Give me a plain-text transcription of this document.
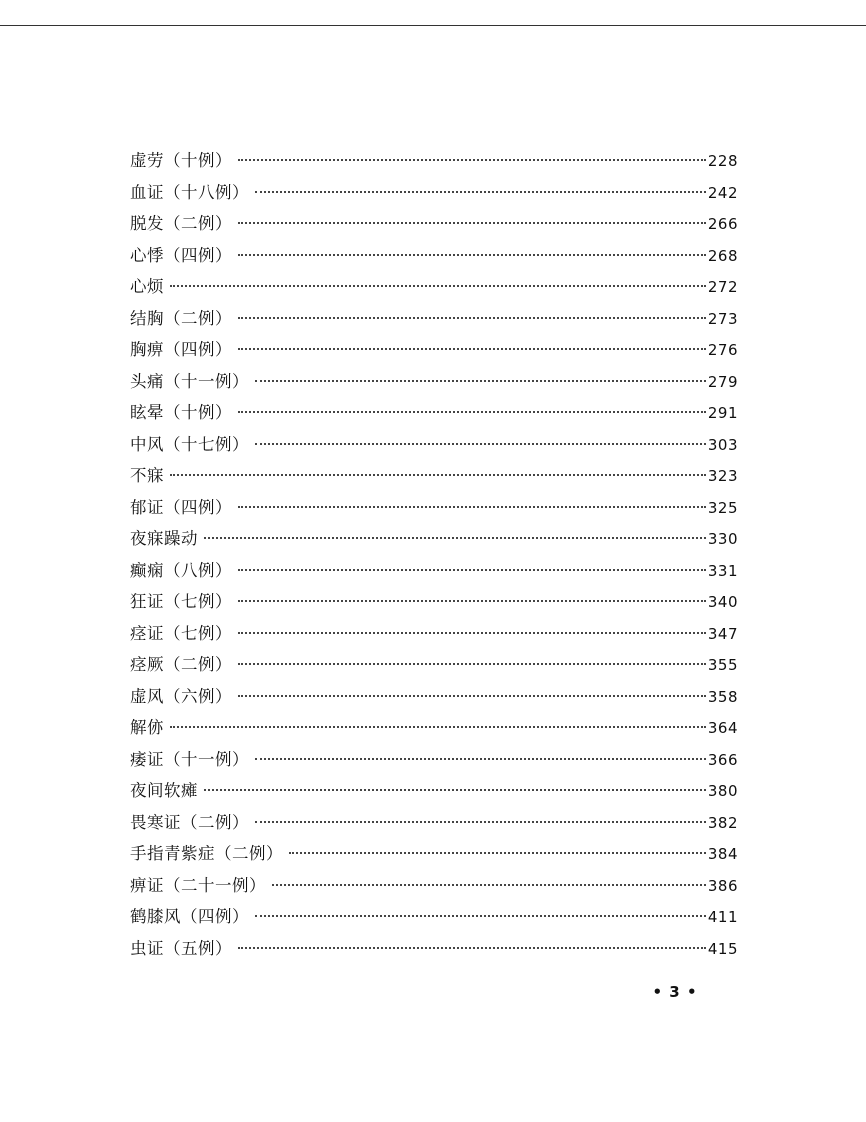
虚劳（十例）	228
血证（十八例）	242
脱发（二例）	266
心悸（四例）	268
心烦	272
结胸（二例）	273
胸痹（四例）	276
头痛（十一例）	279
眩晕（十例）	291
中风（十七例）	303
不寐	323
郁证（四例）	325
夜寐躁动	330
癫痫（八例）	331
狂证（七例）	340
痉证（七例）	347
痉厥（二例）	355
虚风（六例）	358
解㑊	364
痿证（十一例）	366
夜间软瘫	380
畏寒证（二例）	382
手指青紫症（二例）	384
痹证（二十一例）	386
鹤膝风（四例）	411
虫证（五例）	415
• 3 •
